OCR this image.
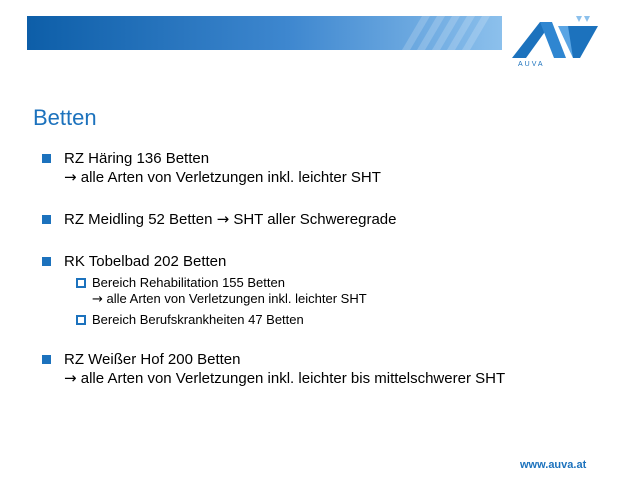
AUVA
Betten
RZ Häring 136 Betten
→ alle Arten von Verletzungen inkl. leichter SHT
RZ Meidling 52 Betten → SHT aller Schweregrade
RK Tobelbad 202 Betten
Bereich Rehabilitation 155 Betten
→ alle Arten von Verletzungen inkl. leichter SHT
Bereich Berufskrankheiten 47 Betten
RZ Weißer Hof 200 Betten
→ alle Arten von Verletzungen inkl. leichter bis mittelschwerer SHT
www.auva.at
